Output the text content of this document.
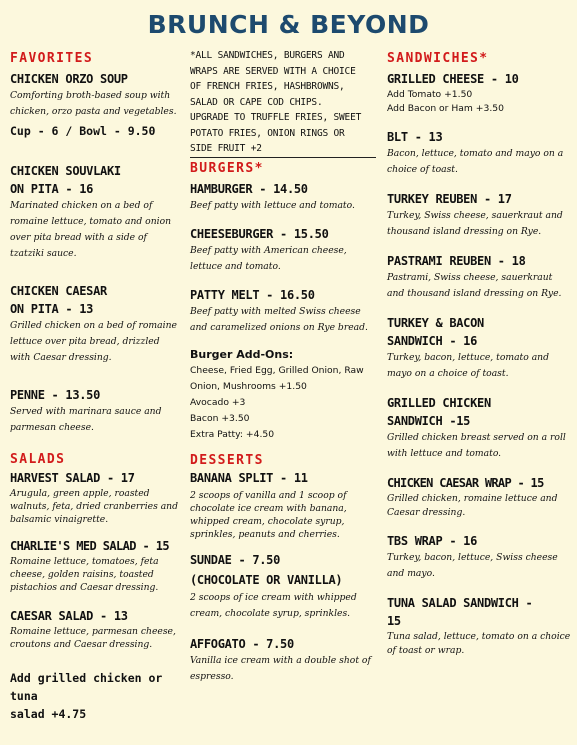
BRUNCH & BEYOND
FAVORITES
CHICKEN ORZO SOUP
Comforting broth-based soup with
chicken, orzo pasta and vegetables.
Cup - 6 / Bowl - 9.50
CHICKEN SOUVLAKI
ON PITA - 16
Marinated chicken on a bed of
romaine lettuce, tomato and onion
over pita bread with a side of
tzatziki sauce.
CHICKEN CAESAR
ON PITA - 13
Grilled chicken on a bed of romaine
lettuce over pita bread, drizzled
with Caesar dressing.
PENNE - 13.50
Served with marinara sauce and
parmesan cheese.
SALADS
HARVEST SALAD - 17
Arugula, green apple, roasted
walnuts, feta, dried cranberries and
balsamic vinaigrette.
CHARLIE'S MED SALAD - 15
Romaine lettuce, tomatoes, feta
cheese, golden raisins, toasted
pistachios and Caesar dressing.
CAESAR SALAD - 13
Romaine lettuce, parmesan cheese,
croutons and Caesar dressing.
Add grilled chicken or tuna
salad +4.75
*ALL SANDWICHES, BURGERS AND
WRAPS ARE SERVED WITH A CHOICE
OF FRENCH FRIES, HASHBROWNS,
SALAD OR CAPE COD CHIPS.
UPGRADE TO TRUFFLE FRIES, SWEET
POTATO FRIES, ONION RINGS OR
SIDE FRUIT +2
BURGERS*
HAMBURGER - 14.50
Beef patty with lettuce and tomato.
CHEESEBURGER - 15.50
Beef patty with American cheese,
lettuce and tomato.
PATTY MELT - 16.50
Beef patty with melted Swiss cheese
and caramelized onions on Rye bread.
Burger Add-Ons:
Cheese, Fried Egg, Grilled Onion, Raw
Onion, Mushrooms +1.50
Avocado +3
Bacon +3.50
Extra Patty: +4.50
DESSERTS
BANANA SPLIT - 11
2 scoops of vanilla and 1 scoop of
chocolate ice cream with banana,
whipped cream, chocolate syrup,
sprinkles, peanuts and cherries.
SUNDAE - 7.50
(CHOCOLATE OR VANILLA)
2 scoops of ice cream with whipped
cream, chocolate syrup, sprinkles.
AFFOGATO - 7.50
Vanilla ice cream with a double shot of
espresso.
SANDWICHES*
GRILLED CHEESE - 10
Add Tomato +1.50
Add Bacon or Ham +3.50
BLT - 13
Bacon, lettuce, tomato and mayo on a
choice of toast.
TURKEY REUBEN - 17
Turkey, Swiss cheese, sauerkraut and
thousand island dressing on Rye.
PASTRAMI REUBEN - 18
Pastrami, Swiss cheese, sauerkraut
and thousand island dressing on Rye.
TURKEY & BACON
SANDWICH - 16
Turkey, bacon, lettuce, tomato and
mayo on a choice of toast.
GRILLED CHICKEN
SANDWICH -15
Grilled chicken breast served on a roll
with lettuce and tomato.
CHICKEN CAESAR WRAP - 15
Grilled chicken, romaine lettuce and
Caesar dressing.
TBS WRAP - 16
Turkey, bacon, lettuce, Swiss cheese
and mayo.
TUNA SALAD SANDWICH -
15
Tuna salad, lettuce, tomato on a choice
of toast or wrap.
